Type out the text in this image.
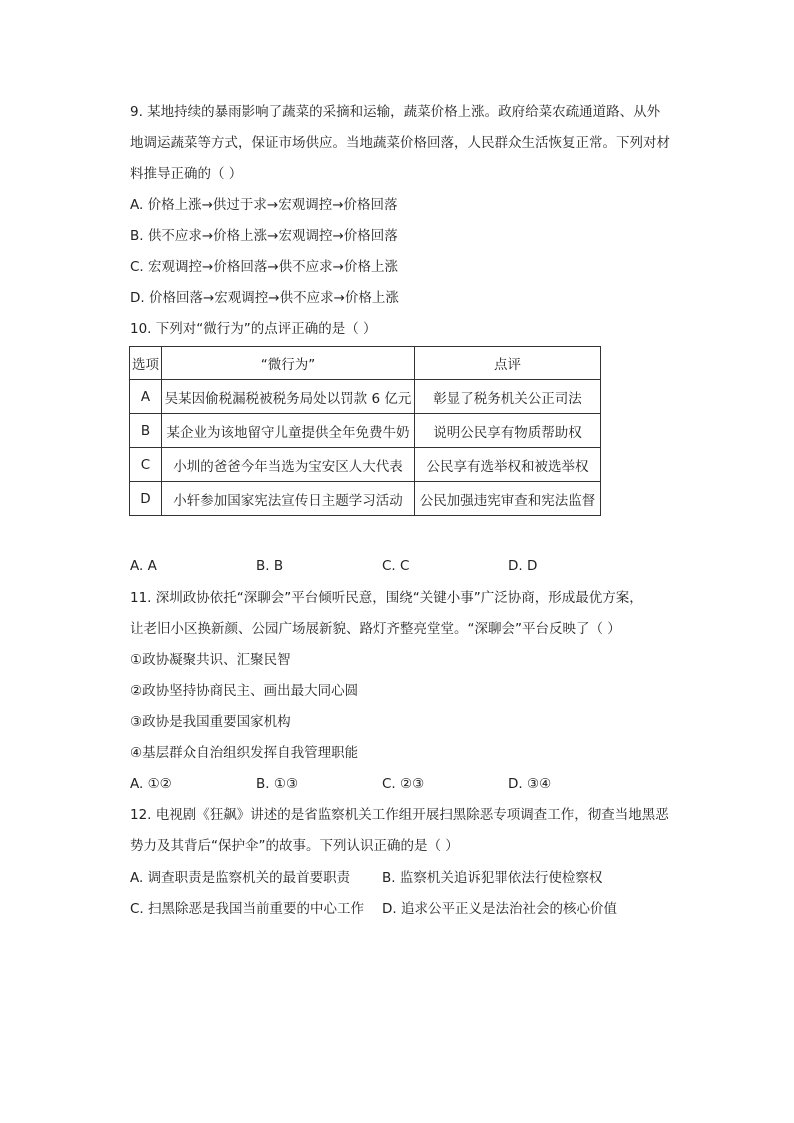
9. 某地持续的暴雨影响了蔬菜的采摘和运输，蔬菜价格上涨。政府给菜农疏通道路、从外
地调运蔬菜等方式，保证市场供应。当地蔬菜价格回落，人民群众生活恢复正常。下列对材
料推导正确的（ ）
A. 价格上涨→供过于求→宏观调控→价格回落
B. 供不应求→价格上涨→宏观调控→价格回落
C. 宏观调控→价格回落→供不应求→价格上涨
D. 价格回落→宏观调控→供不应求→价格上涨
10. 下列对“微行为”的点评正确的是（ ）
选项	“微行为”	点评
A	吴某因偷税漏税被税务局处以罚款 6 亿元	彰显了税务机关公正司法
B	某企业为该地留守儿童提供全年免费牛奶	说明公民享有物质帮助权
C	小圳的爸爸今年当选为宝安区人大代表	公民享有选举权和被选举权
D	小轩参加国家宪法宣传日主题学习活动	公民加强违宪审查和宪法监督
A. A	B. B	C. C	D. D
11. 深圳政协依托“深聊会”平台倾听民意，围绕“关键小事”广泛协商，形成最优方案，
让老旧小区换新颜、公园广场展新貌、路灯齐整亮堂堂。“深聊会”平台反映了（ ）
①政协凝聚共识、汇聚民智
②政协坚持协商民主、画出最大同心圆
③政协是我国重要国家机构
④基层群众自治组织发挥自我管理职能
A. ①②	B. ①③	C. ②③	D. ③④
12. 电视剧《狂飙》讲述的是省监察机关工作组开展扫黑除恶专项调查工作，彻查当地黑恶
势力及其背后“保护伞”的故事。下列认识正确的是（ ）
A. 调查职责是监察机关的最首要职责 B. 监察机关追诉犯罪依法行使检察权
C. 扫黑除恶是我国当前重要的中心工作 D. 追求公平正义是法治社会的核心价值
